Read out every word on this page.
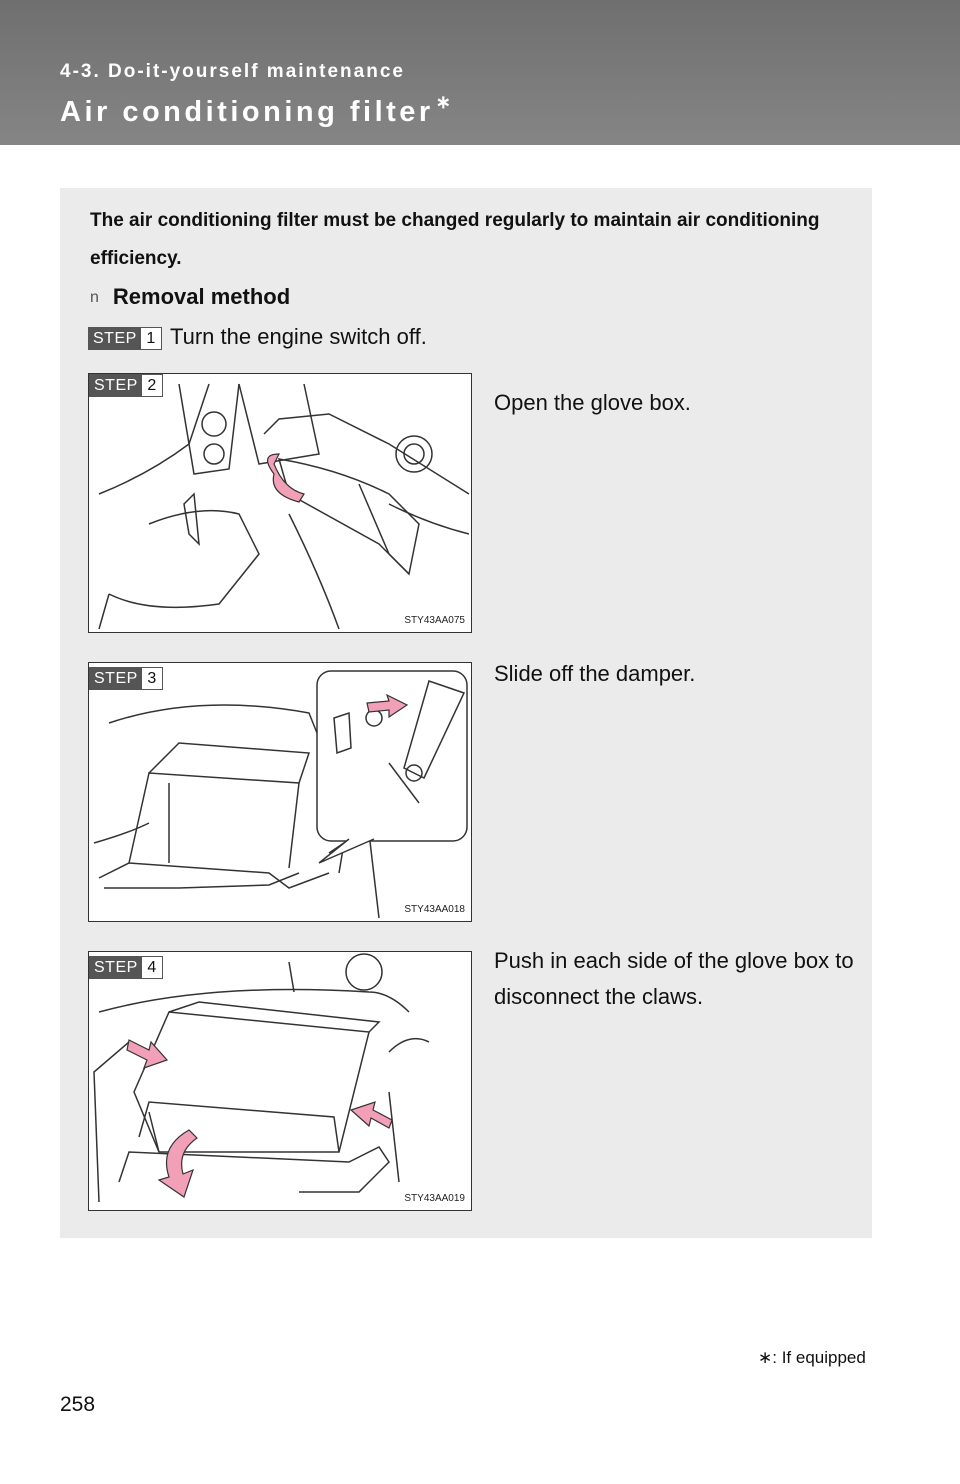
4-3. Do-it-yourself maintenance
Air conditioning filter ∗
The air conditioning filter must be changed regularly to maintain air conditioning efficiency.
n Removal method
STEP 1 Turn the engine switch off.
STEP 2
STY43AA075
Open the glove box.
STEP 3
STY43AA018
Slide off the damper.
STEP 4
STY43AA019
Push in each side of the glove box to disconnect the claws.
∗: If equipped
258
